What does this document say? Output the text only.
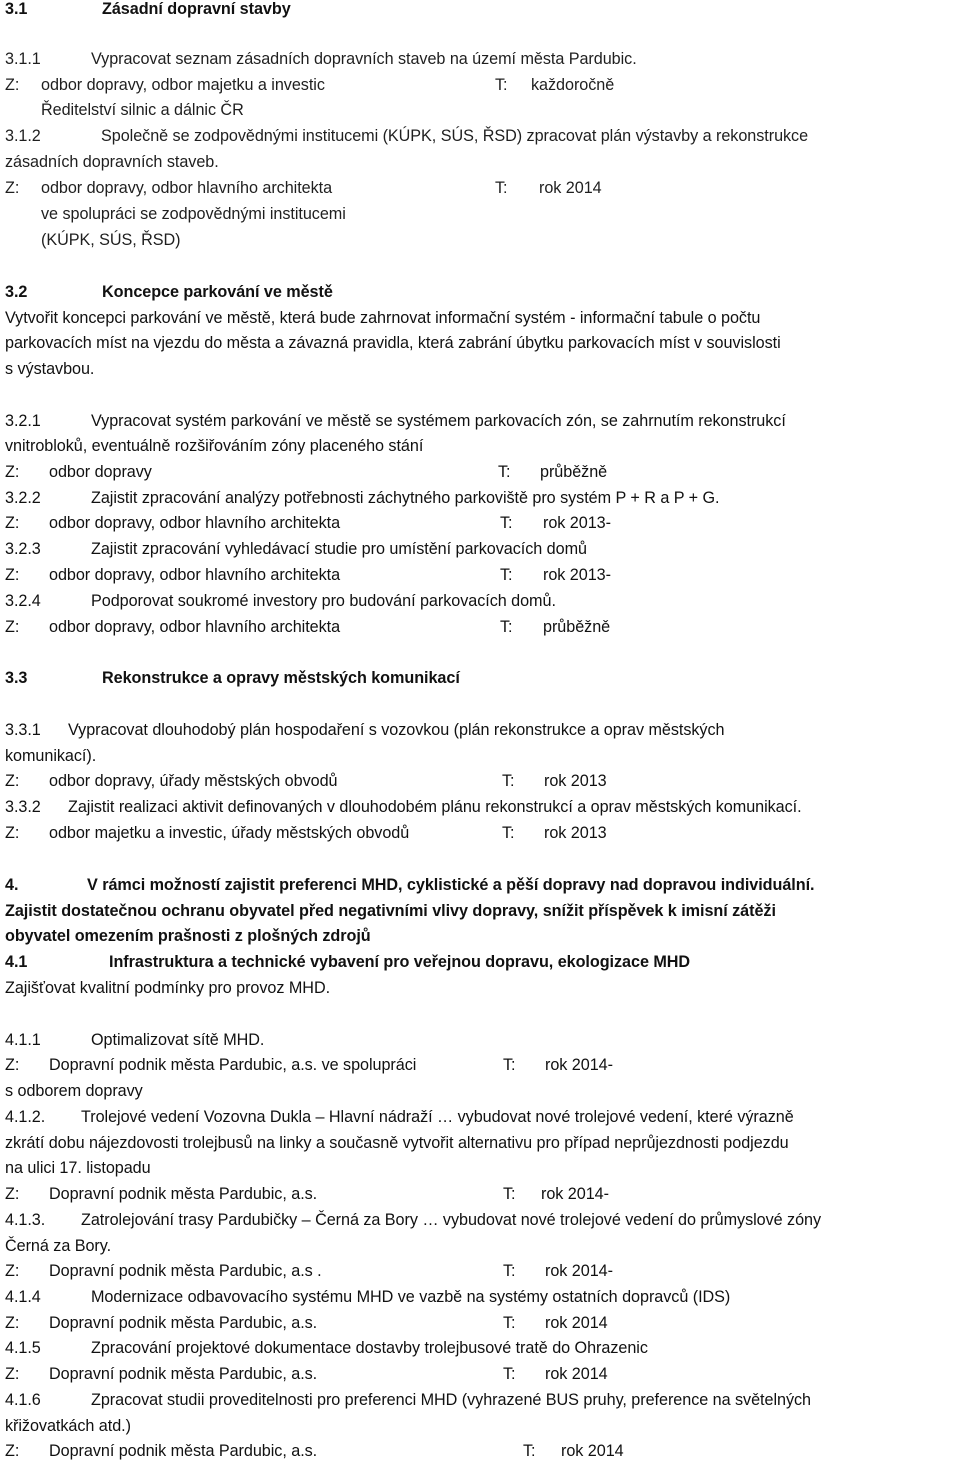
3.1	Zásadní dopravní stavby
3.1.1	Vypracovat seznam zásadních dopravních staveb na území města Pardubic.
Z: odbor dopravy, odbor majetku a investic	T: každoročně
Ředitelství silnic a dálnic ČR
3.1.2	Společně se zodpovědnými institucemi (KÚPK, SÚS, ŘSD) zpracovat plán výstavby a rekonstrukce
zásadních dopravních staveb.
Z: odbor dopravy, odbor hlavního architekta	T: rok 2014
ve spolupráci se zodpovědnými institucemi
(KÚPK, SÚS, ŘSD)
3.2	Koncepce parkování ve městě
Vytvořit koncepci parkování ve městě, která bude zahrnovat informační systém - informační tabule o počtu
parkovacích míst na vjezdu do města a závazná pravidla, která zabrání úbytku parkovacích míst v souvislosti
s výstavbou.
3.2.1	Vypracovat systém parkování ve městě se systémem parkovacích zón, se zahrnutím rekonstrukcí
vnitrobloků, eventuálně rozšiřováním zóny placeného stání
Z: odbor dopravy	T: průběžně
3.2.2	Zajistit zpracování analýzy potřebnosti záchytného parkoviště pro systém P + R a P + G.
Z: odbor dopravy, odbor hlavního architekta	T: rok 2013-
3.2.3	Zajistit zpracování vyhledávací studie pro umístění parkovacích domů
Z: odbor dopravy, odbor hlavního architekta	T: rok 2013-
3.2.4	Podporovat soukromé investory pro budování parkovacích domů.
Z: odbor dopravy, odbor hlavního architekta	T: průběžně
3.3	Rekonstrukce a opravy městských komunikací
3.3.1 Vypracovat dlouhodobý plán hospodaření s vozovkou (plán rekonstrukce a oprav městských
komunikací).
Z: odbor dopravy, úřady městských obvodů	T: rok 2013
3.3.2 Zajistit realizaci aktivit definovaných v dlouhodobém plánu rekonstrukcí a oprav městských komunikací.
Z: odbor majetku a investic, úřady městských obvodů	T: rok 2013
4.	V rámci možností zajistit preferenci MHD, cyklistické a pěší dopravy nad dopravou individuální.
Zajistit dostatečnou ochranu obyvatel před negativními vlivy dopravy, snížit příspěvek k imisní zátěži
obyvatel omezením prašnosti z plošných zdrojů
4.1	Infrastruktura a technické vybavení pro veřejnou dopravu, ekologizace MHD
Zajišťovat kvalitní podmínky pro provoz MHD.
4.1.1	Optimalizovat sítě MHD.
Z: Dopravní podnik města Pardubic, a.s. ve spolupráci	T: rok 2014-
s odborem dopravy
4.1.2. Trolejové vedení Vozovna Dukla – Hlavní nádraží … vybudovat nové trolejové vedení, které výrazně
zkrátí dobu nájezdovosti trolejbusů na linky a současně vytvořit alternativu pro případ neprůjezdnosti podjezdu
na ulici 17. listopadu
Z: Dopravní podnik města Pardubic, a.s.	T: rok 2014-
4.1.3. Zatrolejování trasy Pardubičky – Černá za Bory … vybudovat nové trolejové vedení do průmyslové zóny
Černá za Bory.
Z: Dopravní podnik města Pardubic, a.s .	T: rok 2014-
4.1.4	Modernizace odbavovacího systému MHD ve vazbě na systémy ostatních dopravců (IDS)
Z: Dopravní podnik města Pardubic, a.s.	T: rok 2014
4.1.5	Zpracování projektové dokumentace dostavby trolejbusové tratě do Ohrazenic
Z: Dopravní podnik města Pardubic, a.s.	T: rok 2014
4.1.6	Zpracovat studii proveditelnosti pro preferenci MHD (vyhrazené BUS pruhy, preference na světelných
křižovatkách atd.)
Z: Dopravní podnik města Pardubic, a.s.	T: rok 2014
